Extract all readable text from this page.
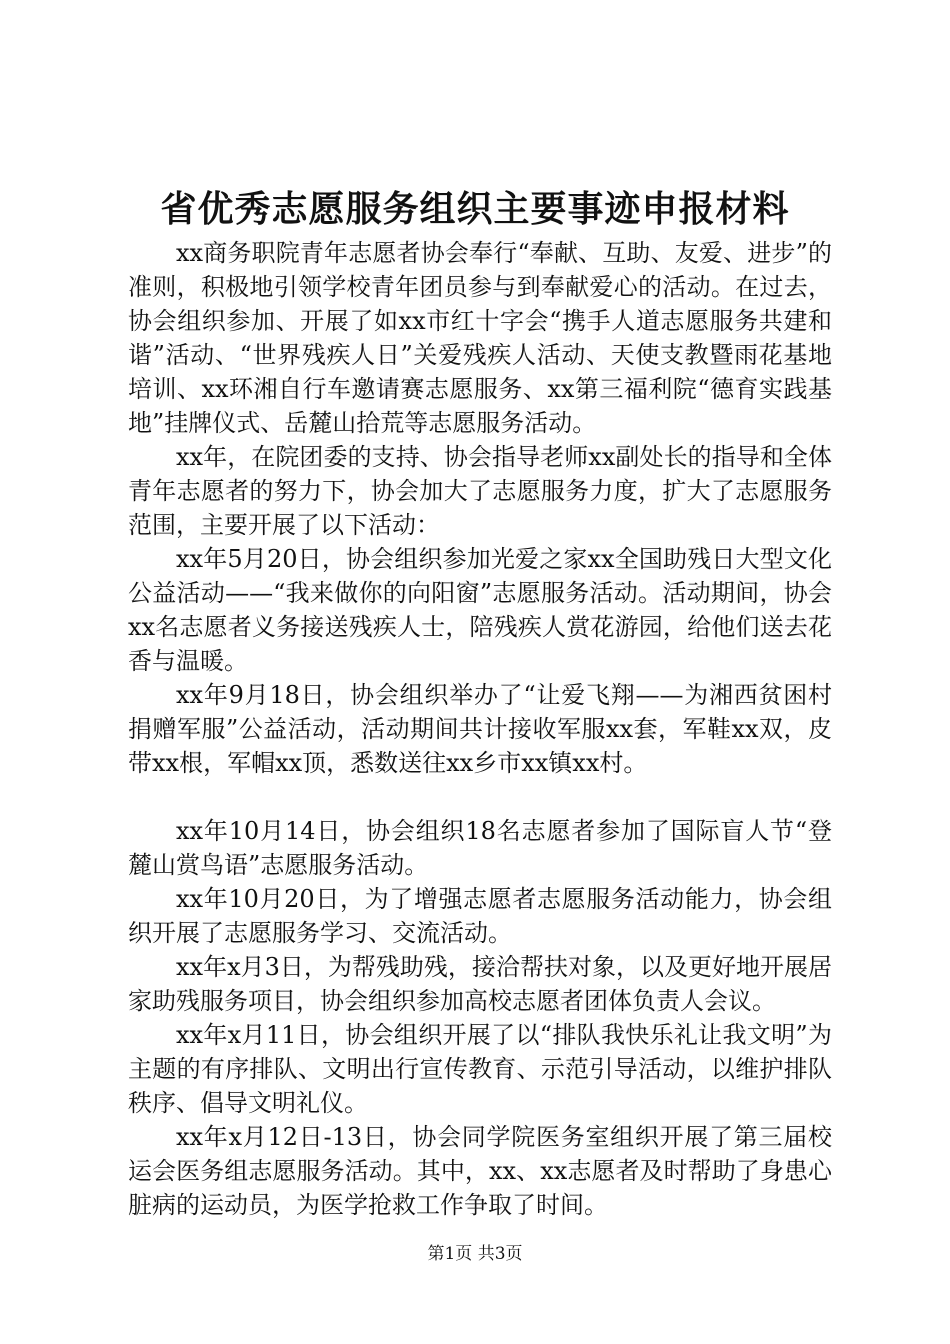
省优秀志愿服务组织主要事迹申报材料

xx商务职院青年志愿者协会奉行“奉献、互助、友爱、进步”的准则，积极地引领学校青年团员参与到奉献爱心的活动。在过去，协会组织参加、开展了如xx市红十字会“携手人道志愿服务共建和谐”活动、“世界残疾人日”关爱残疾人活动、天使支教暨雨花基地培训、xx环湘自行车邀请赛志愿服务、xx第三福利院“德育实践基地”挂牌仪式、岳麓山拾荒等志愿服务活动。

xx年，在院团委的支持、协会指导老师xx副处长的指导和全体青年志愿者的努力下，协会加大了志愿服务力度，扩大了志愿服务范围，主要开展了以下活动：

xx年5月20日，协会组织参加光爱之家xx全国助残日大型文化公益活动——“我来做你的向阳窗”志愿服务活动。活动期间，协会xx名志愿者义务接送残疾人士，陪残疾人赏花游园，给他们送去花香与温暖。

xx年9月18日，协会组织举办了“让爱飞翔——为湘西贫困村捐赠军服”公益活动，活动期间共计接收军服xx套，军鞋xx双，皮带xx根，军帽xx顶，悉数送往xx乡市xx镇xx村。

xx年10月14日，协会组织18名志愿者参加了国际盲人节“登麓山赏鸟语”志愿服务活动。

xx年10月20日，为了增强志愿者志愿服务活动能力，协会组织开展了志愿服务学习、交流活动。

xx年x月3日，为帮残助残，接洽帮扶对象，以及更好地开展居家助残服务项目，协会组织参加高校志愿者团体负责人会议。

xx年x月11日，协会组织开展了以“排队我快乐礼让我文明”为主题的有序排队、文明出行宣传教育、示范引导活动，以维护排队秩序、倡导文明礼仪。

xx年x月12日-13日，协会同学院医务室组织开展了第三届校运会医务组志愿服务活动。其中，xx、xx志愿者及时帮助了身患心脏病的运动员，为医学抢救工作争取了时间。

第1页 共3页
